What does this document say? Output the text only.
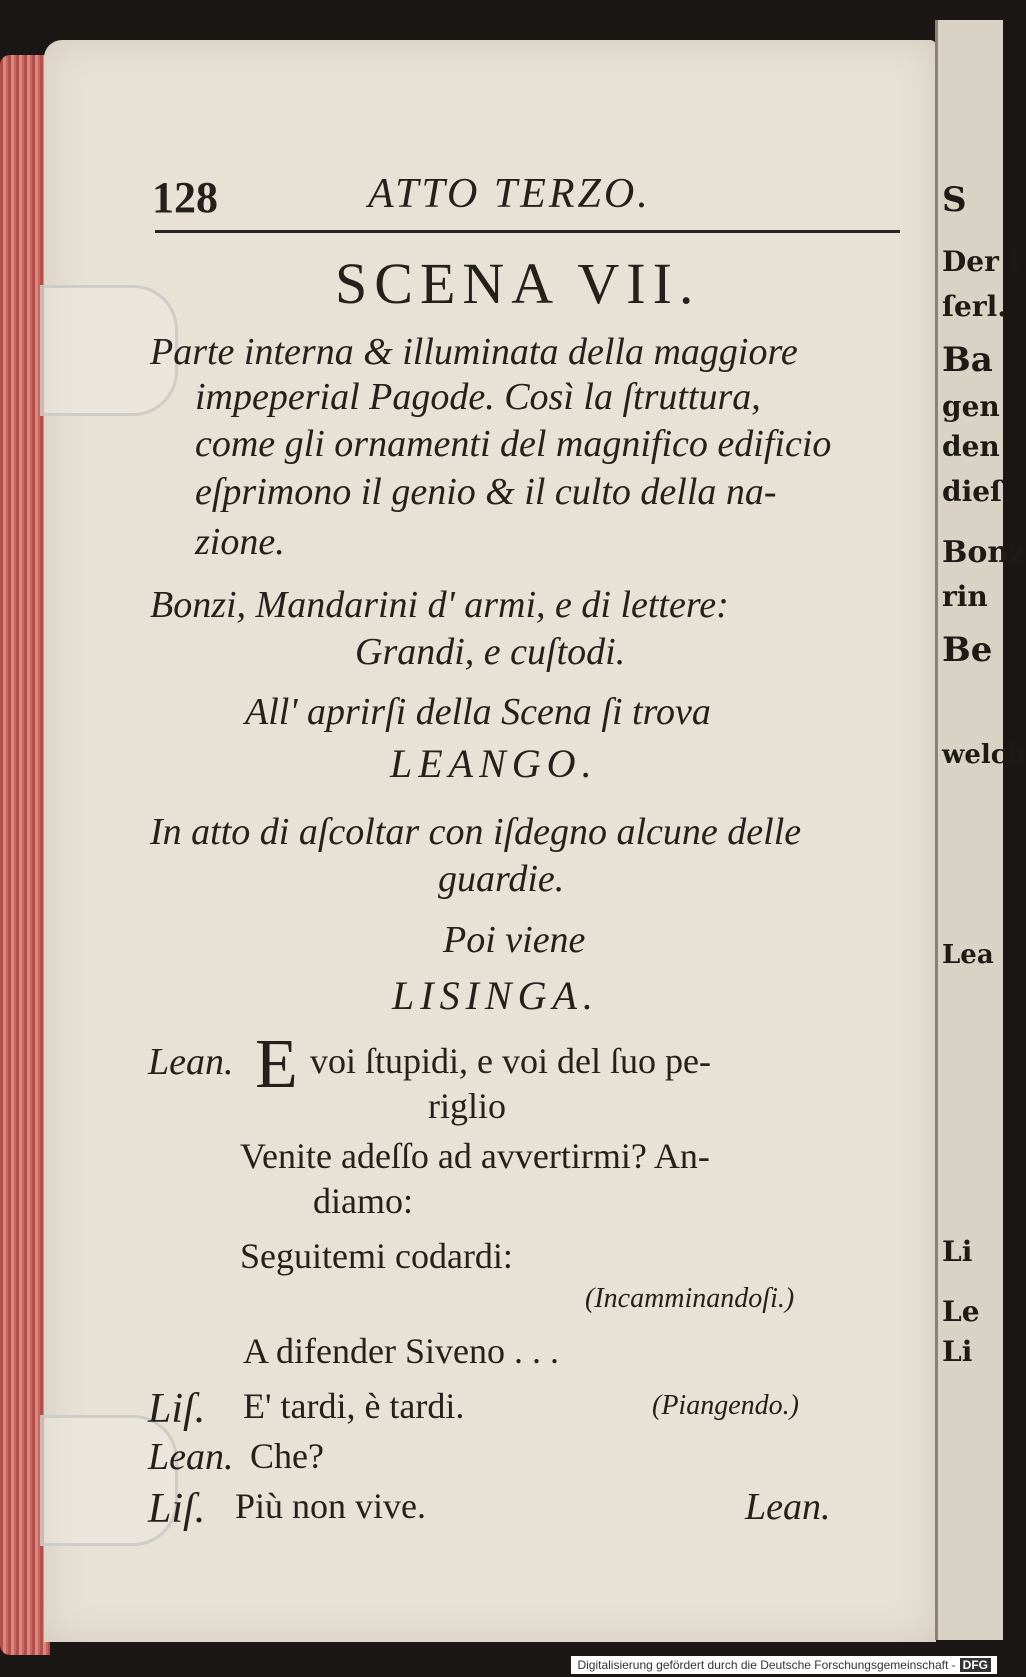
S
Der i
ſerl.
Ba
gen
den
dieſ
Bonz
rin
Be
welch
Lea
Li
Le
Li
128	ATTO TERZO.
SCENA VII.
Parte interna & illuminata della maggiore
impeperial Pagode. Così la ſtruttura,
come gli ornamenti del magnifico edificio
eſprimono il genio & il culto della na-
zione.
Bonzi, Mandarini d' armi, e di lettere:
Grandi, e cuſtodi.
All' aprirſi della Scena ſi trova
LEANGO.
In atto di aſcoltar con iſdegno alcune delle
guardie.
Poi viene
LISINGA.
Lean. E voi ſtupidi, e voi del ſuo pe-
riglio
Venite adeſſo ad avvertirmi? An-
diamo:
Seguitemi codardi:
(Incamminandoſi.)
A difender Siveno . . .
Liſ. E' tardi, è tardi.	(Piangendo.)
Lean. Che?
Liſ. Più non vive.	Lean.
Digitalisierung gefördert durch die Deutsche Forschungsgemeinschaft - DFG
